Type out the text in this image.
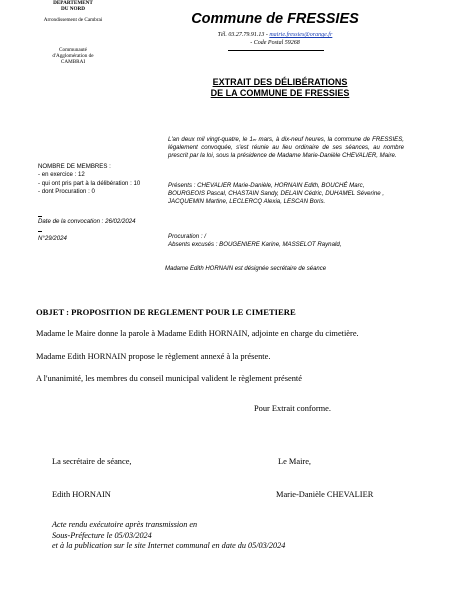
DEPARTEMENT
DU NORD
Arrondissement de Cambrai
Communauté
d'Agglomération de
CAMBRAI
Commune de FRESSIES
Tél. 03.27.79.91.13 - mairie.fressies@orange.fr
- Code Postal 59268
EXTRAIT DES DÉLIBÉRATIONS
DE LA COMMUNE DE FRESSIES
L'an deux mil vingt-quatre, le 1er mars, à dix-neuf heures, la commune de FRESSIES, légalement convoquée, s'est réunie au lieu ordinaire de ses séances, au nombre prescrit par la loi, sous la présidence de Madame Marie-Danièle CHEVALIER, Maire.
NOMBRE DE MEMBRES :
- en exercice : 12
- qui ont pris part à la délibération : 10
- dont Procuration : 0
Présents : CHEVALIER Marie-Danièle, HORNAIN Edith, BOUCHÉ Marc, BOURGEOIS Pascal, CHASTAIN Sandy, DELAIN Cédric, DUHAMEL Séverine , JACQUEMIN Martine, LECLERCQ Alexia, LESCAN Boris.
Date de la convocation : 26/02/2024
N°29/2024	Procuration : /
Absents excusés : BOUGENIERE Karine, MASSELOT Raynald,
Madame Edith HORNAIN est désignée secrétaire de séance
OBJET : PROPOSITION DE REGLEMENT POUR LE CIMETIERE
Madame le Maire donne la parole à Madame Edith HORNAIN, adjointe en charge du cimetière.
Madame Edith HORNAIN propose le règlement annexé à la présente.
A l'unanimité, les membres du conseil municipal valident le règlement présenté
Pour Extrait conforme.
La secrétaire de séance,	Le Maire,
Edith HORNAIN	Marie-Danièle CHEVALIER
Acte rendu exécutoire après transmission en
Sous-Préfecture le 05/03/2024
et à la publication sur le site Internet communal en date du 05/03/2024
